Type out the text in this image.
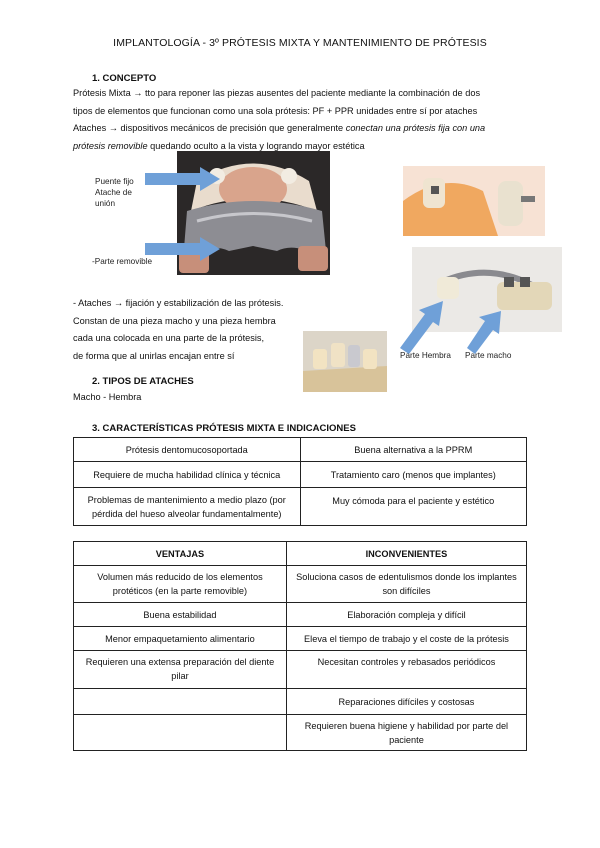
IMPLANTOLOGÍA - 3º PRÓTESIS MIXTA Y MANTENIMIENTO DE PRÓTESIS
1. CONCEPTO
Prótesis Mixta → tto para reponer las piezas ausentes del paciente mediante la combinación de dos
tipos de elementos que funcionan como una sola prótesis: PF + PPR unidades entre sí por ataches
Ataches → dispositivos mecánicos de precisión que generalmente conectan una prótesis fija con una
prótesis removible quedando oculto a la vista y logrando mayor estética
Puente fijo
Atache de
unión
-Parte removible
Parte Hembra Parte macho
- Ataches → fijación y estabilización de las prótesis.
Constan de una pieza macho y una pieza hembra
cada una colocada en una parte de la prótesis,
de forma que al unirlas encajan entre sí
2. TIPOS DE ATACHES
Macho - Hembra
3. CARACTERÍSTICAS PRÓTESIS MIXTA E INDICACIONES
Prótesis dentomucosoportada	Buena alternativa a la PPRM
Requiere de mucha habilidad clínica y técnica	Tratamiento caro (menos que implantes)
Problemas de mantenimiento a medio plazo (por pérdida del hueso alveolar fundamentalmente)	Muy cómoda para el paciente y estético
VENTAJAS	INCONVENIENTES
Volumen más reducido de los elementos protéticos (en la parte removible)	Soluciona casos de edentulismos donde los implantes son difíciles
Buena estabilidad	Elaboración compleja y difícil
Menor empaquetamiento alimentario	Eleva el tiempo de trabajo y el coste de la prótesis
Requieren una extensa preparación del diente pilar	Necesitan controles y rebasados periódicos
	Reparaciones difíciles y costosas
	Requieren buena higiene y habilidad por parte del paciente
